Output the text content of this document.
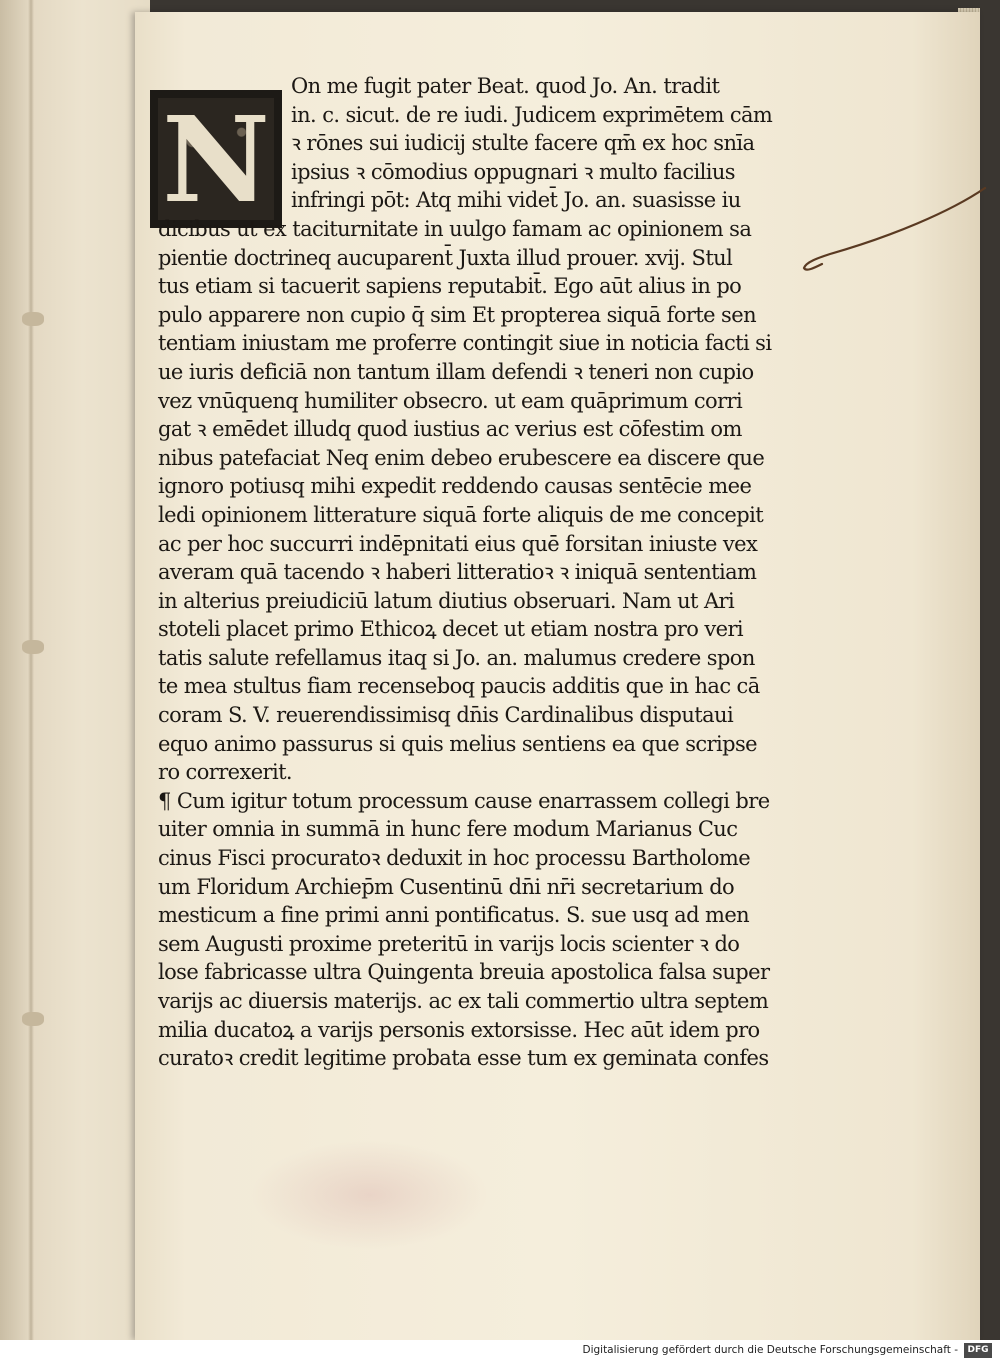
N
On me fugit pater Beat. quod Jo. An. tradit
in. c. sicut. de re iudi. Judicem exprimētem cām
ꝛ rōnes sui iudicij stulte facere qm̄ ex hoc snīa
ipsius ꝛ cōmodius oppugnari ꝛ multo facilius
infringi pōt: Atq mihi videt̄ Jo. an. suasisse iu
dicibus ut ex taciturnitate in uulgo famam ac opinionem sa
pientie doctrineq aucuparent̄ Juxta illud prouer. xvij. Stul
tus etiam si tacuerit sapiens reputabit̄. Ego aūt alius in po
pulo apparere non cupio q̄ sim Et propterea siquā forte sen
tentiam iniustam me proferre contingit siue in noticia facti si
ue iuris deficiā non tantum illam defendi ꝛ teneri non cupio
vez vnūquenq humiliter obsecro. ut eam quāprimum corri
gat ꝛ emēdet illudq quod iustius ac verius est cōfestim om
nibus patefaciat Neq enim debeo erubescere ea discere que
ignoro potiusq mihi expedit reddendo causas sentēcie mee
ledi opinionem litterature siquā forte aliquis de me concepit
ac per hoc succurri indēpnitati eius quē forsitan iniuste vex
averam quā tacendo ꝛ haberi litteratioꝛ ꝛ iniquā sententiam
in alterius preiudiciū latum diutius obseruari. Nam ut Ari
stoteli placet primo Ethicoꝝ decet ut etiam nostra pro veri
tatis salute refellamus itaq si Jo. an. malumus credere spon
te mea stultus fiam recenseboq paucis additis que in hac cā
coram S. V. reuerendissimisq dn̄is Cardinalibus disputaui
equo animo passurus si quis melius sentiens ea que scripse
ro correxerit.
¶ Cum igitur totum processum cause enarrassem collegi bre
uiter omnia in summā in hunc fere modum Marianus Cuc
cinus Fisci procuratoꝛ deduxit in hoc processu Bartholome
um Floridum Archiep̄m Cusentinū dn̄i nr̄i secretarium do
mesticum a fine primi anni pontificatus. S. sue usq ad men
sem Augusti proxime preteritū in varijs locis scienter ꝛ do
lose fabricasse ultra Quingenta breuia apostolica falsa super
varijs ac diuersis materijs. ac ex tali commertio ultra septem
milia ducatoꝝ a varijs personis extorsisse. Hec aūt idem pro
curatoꝛ credit legitime probata esse tum ex geminata confes
Digitalisierung gefördert durch die Deutsche Forschungsgemeinschaft -	DFG
